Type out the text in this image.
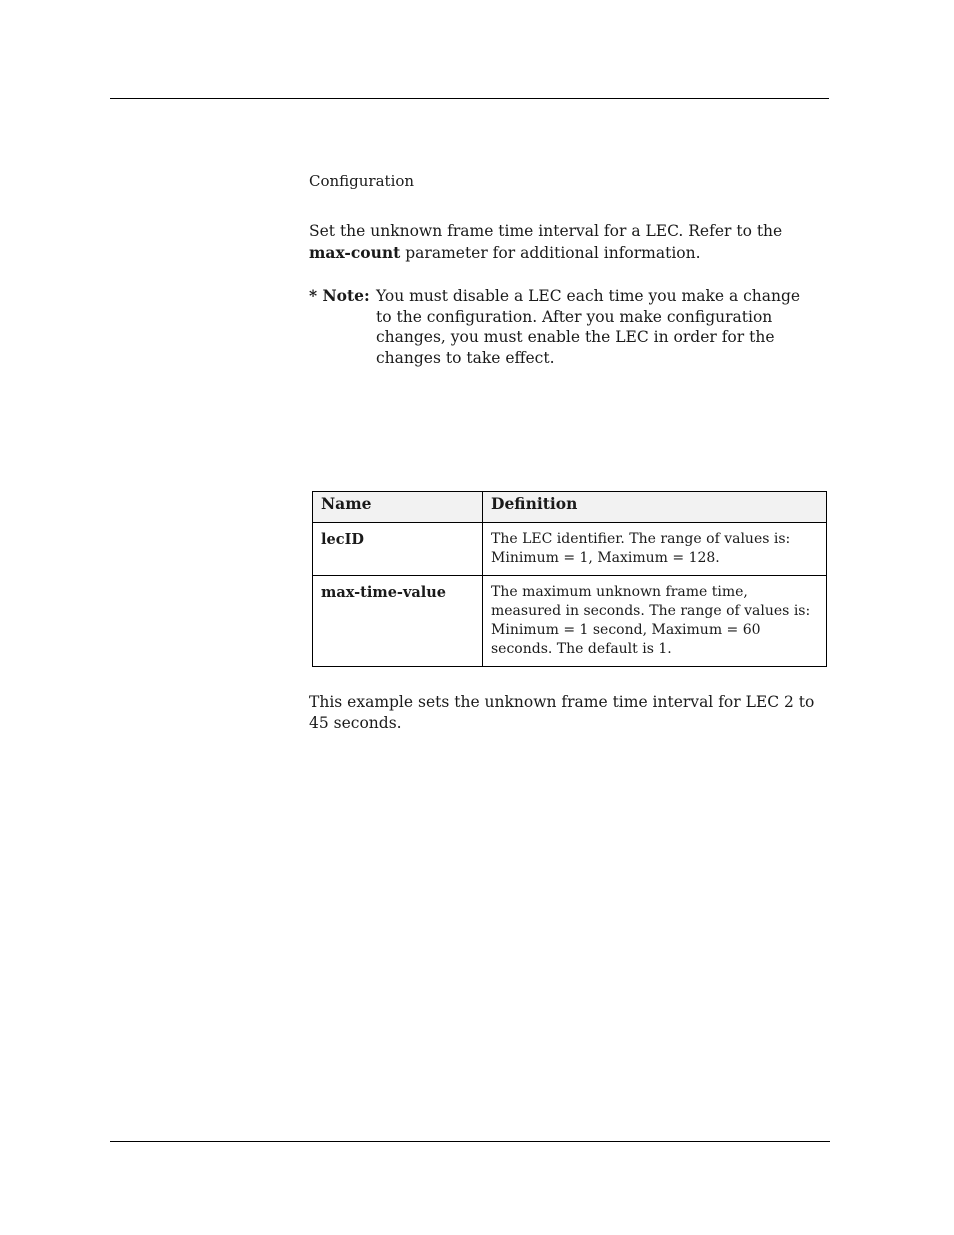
Configuration
Set the unknown frame time interval for a LEC. Refer to the max-count parameter for additional information.
* Note: You must disable a LEC each time you make a change to the configuration. After you make configuration changes, you must enable the LEC in order for the changes to take effect.
Name	Definition
lecID	The LEC identifier. The range of values is: Minimum = 1, Maximum = 128.
max-time-value	The maximum unknown frame time, measured in seconds. The range of values is: Minimum = 1 second, Maximum = 60 seconds. The default is 1.
This example sets the unknown frame time interval for LEC 2 to 45 seconds.
